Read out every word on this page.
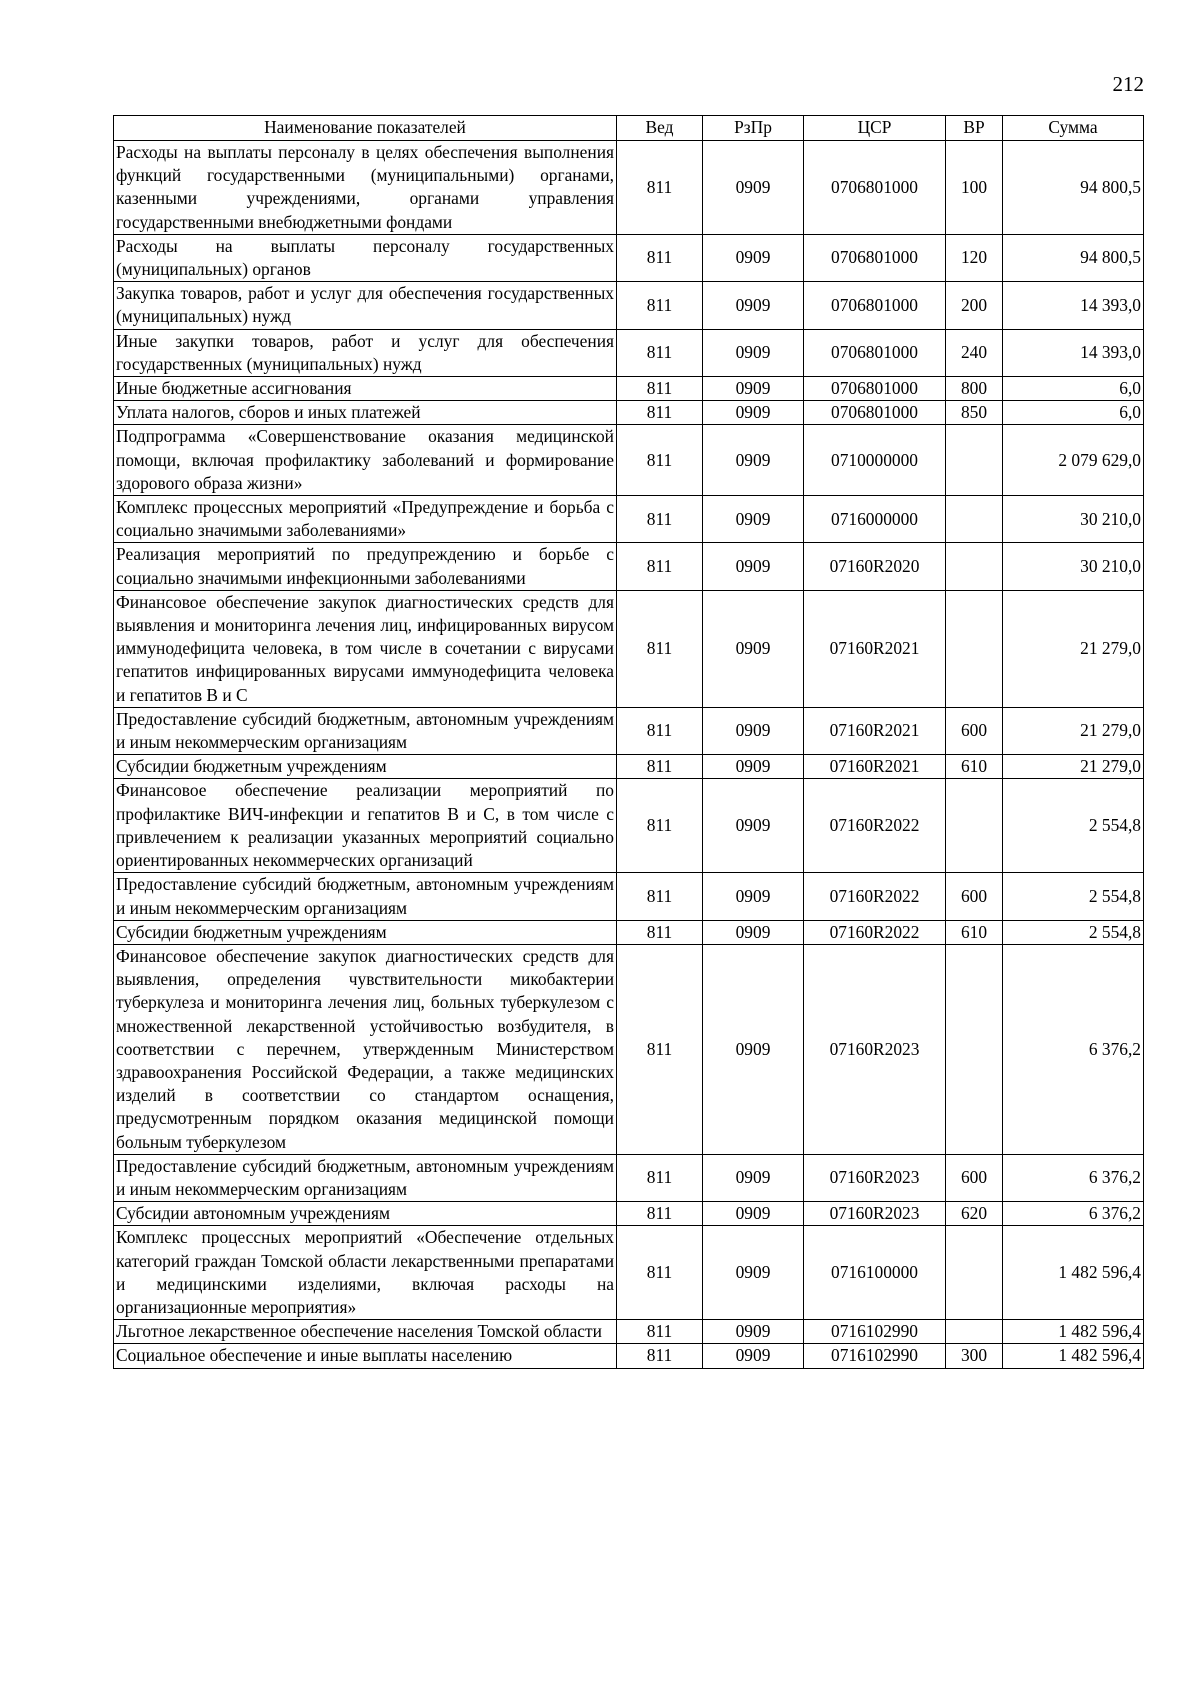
212
Наименование показателей	Вед	РзПр	ЦСР	ВР	Сумма
Расходы на выплаты персоналу в целях обеспечения выполнения функций государственными (муниципальными) органами, казенными учреждениями, органами управления государственными внебюджетными фондами	811	0909	0706801000	100	94 800,5
Расходы на выплаты персоналу государственных (муниципальных) органов	811	0909	0706801000	120	94 800,5
Закупка товаров, работ и услуг для обеспечения государственных (муниципальных) нужд	811	0909	0706801000	200	14 393,0
Иные закупки товаров, работ и услуг для обеспечения государственных (муниципальных) нужд	811	0909	0706801000	240	14 393,0
Иные бюджетные ассигнования	811	0909	0706801000	800	6,0
Уплата налогов, сборов и иных платежей	811	0909	0706801000	850	6,0
Подпрограмма «Совершенствование оказания медицинской помощи, включая профилактику заболеваний и формирование здорового образа жизни»	811	0909	0710000000		2 079 629,0
Комплекс процессных мероприятий «Предупреждение и борьба с социально значимыми заболеваниями»	811	0909	0716000000		30 210,0
Реализация мероприятий по предупреждению и борьбе с социально значимыми инфекционными заболеваниями	811	0909	07160R2020		30 210,0
Финансовое обеспечение закупок диагностических средств для выявления и мониторинга лечения лиц, инфицированных вирусом иммунодефицита человека, в том числе в сочетании с вирусами гепатитов инфицированных вирусами иммунодефицита человека и гепатитов В и С	811	0909	07160R2021		21 279,0
Предоставление субсидий бюджетным, автономным учреждениям и иным некоммерческим организациям	811	0909	07160R2021	600	21 279,0
Субсидии бюджетным учреждениям	811	0909	07160R2021	610	21 279,0
Финансовое обеспечение реализации мероприятий по профилактике ВИЧ-инфекции и гепатитов В и С, в том числе с привлечением к реализации указанных мероприятий социально ориентированных некоммерческих организаций	811	0909	07160R2022		2 554,8
Предоставление субсидий бюджетным, автономным учреждениям и иным некоммерческим организациям	811	0909	07160R2022	600	2 554,8
Субсидии бюджетным учреждениям	811	0909	07160R2022	610	2 554,8
Финансовое обеспечение закупок диагностических средств для выявления, определения чувствительности микобактерии туберкулеза и мониторинга лечения лиц, больных туберкулезом с множественной лекарственной устойчивостью возбудителя, в соответствии с перечнем, утвержденным Министерством здравоохранения Российской Федерации, а также медицинских изделий в соответствии со стандартом оснащения, предусмотренным порядком оказания медицинской помощи больным туберкулезом	811	0909	07160R2023		6 376,2
Предоставление субсидий бюджетным, автономным учреждениям и иным некоммерческим организациям	811	0909	07160R2023	600	6 376,2
Субсидии автономным учреждениям	811	0909	07160R2023	620	6 376,2
Комплекс процессных мероприятий «Обеспечение отдельных категорий граждан Томской области лекарственными препаратами и медицинскими изделиями, включая расходы на организационные мероприятия»	811	0909	0716100000		1 482 596,4
Льготное лекарственное обеспечение населения Томской области	811	0909	0716102990		1 482 596,4
Социальное обеспечение и иные выплаты населению	811	0909	0716102990	300	1 482 596,4
